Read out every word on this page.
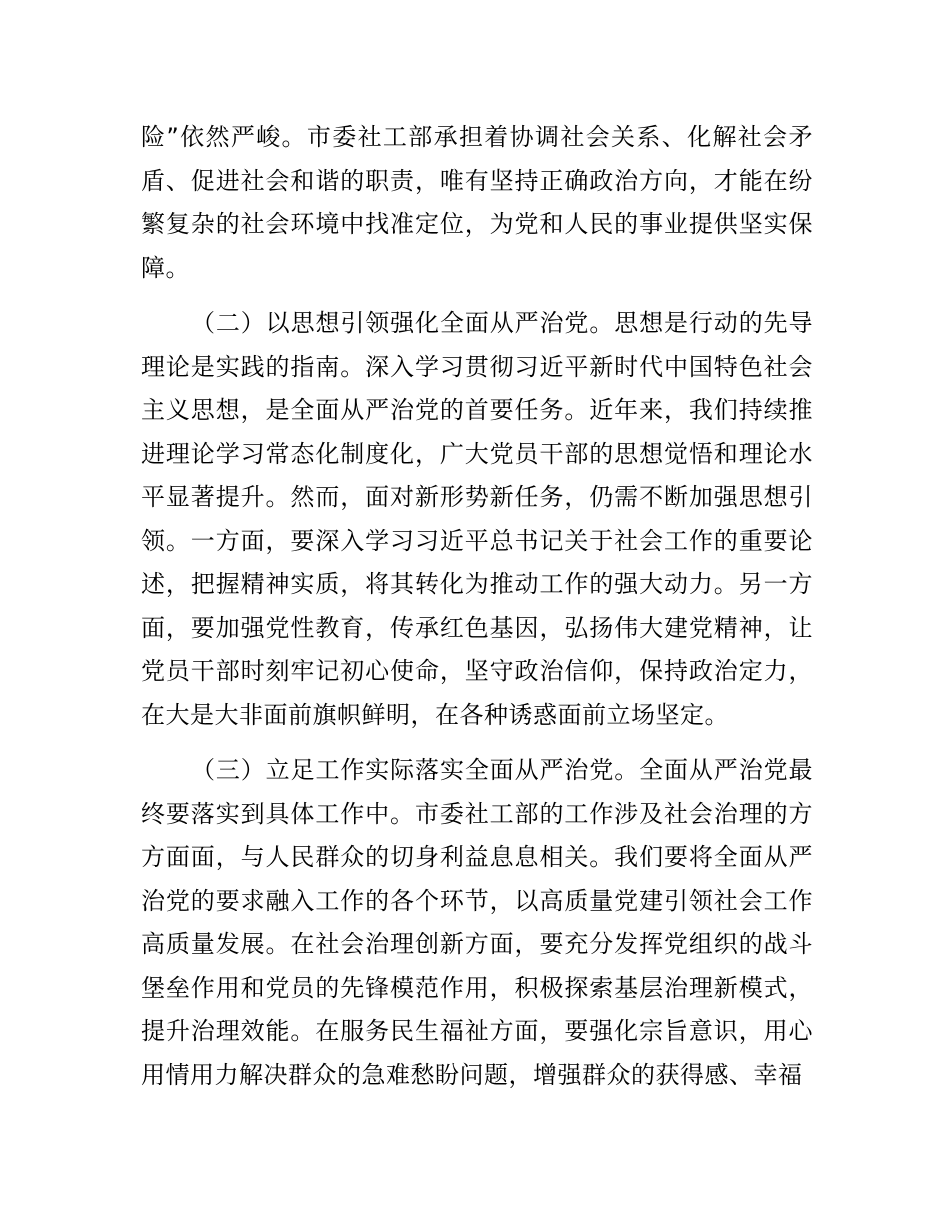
险”依然严峻。市委社工部承担着协调社会关系、化解社会矛盾、促进社会和谐的职责，唯有坚持正确政治方向，才能在纷繁复杂的社会环境中找准定位，为党和人民的事业提供坚实保障。

（二）以思想引领强化全面从严治党。思想是行动的先导理论是实践的指南。深入学习贯彻习近平新时代中国特色社会主义思想，是全面从严治党的首要任务。近年来，我们持续推进理论学习常态化制度化，广大党员干部的思想觉悟和理论水平显著提升。然而，面对新形势新任务，仍需不断加强思想引领。一方面，要深入学习习近平总书记关于社会工作的重要论述，把握精神实质，将其转化为推动工作的强大动力。另一方面，要加强党性教育，传承红色基因，弘扬伟大建党精神，让党员干部时刻牢记初心使命，坚守政治信仰，保持政治定力，在大是大非面前旗帜鲜明，在各种诱惑面前立场坚定。

（三）立足工作实际落实全面从严治党。全面从严治党最终要落实到具体工作中。市委社工部的工作涉及社会治理的方方面面，与人民群众的切身利益息息相关。我们要将全面从严治党的要求融入工作的各个环节，以高质量党建引领社会工作高质量发展。在社会治理创新方面，要充分发挥党组织的战斗堡垒作用和党员的先锋模范作用，积极探索基层治理新模式，提升治理效能。在服务民生福祉方面，要强化宗旨意识，用心用情用力解决群众的急难愁盼问题，增强群众的获得感、幸福
